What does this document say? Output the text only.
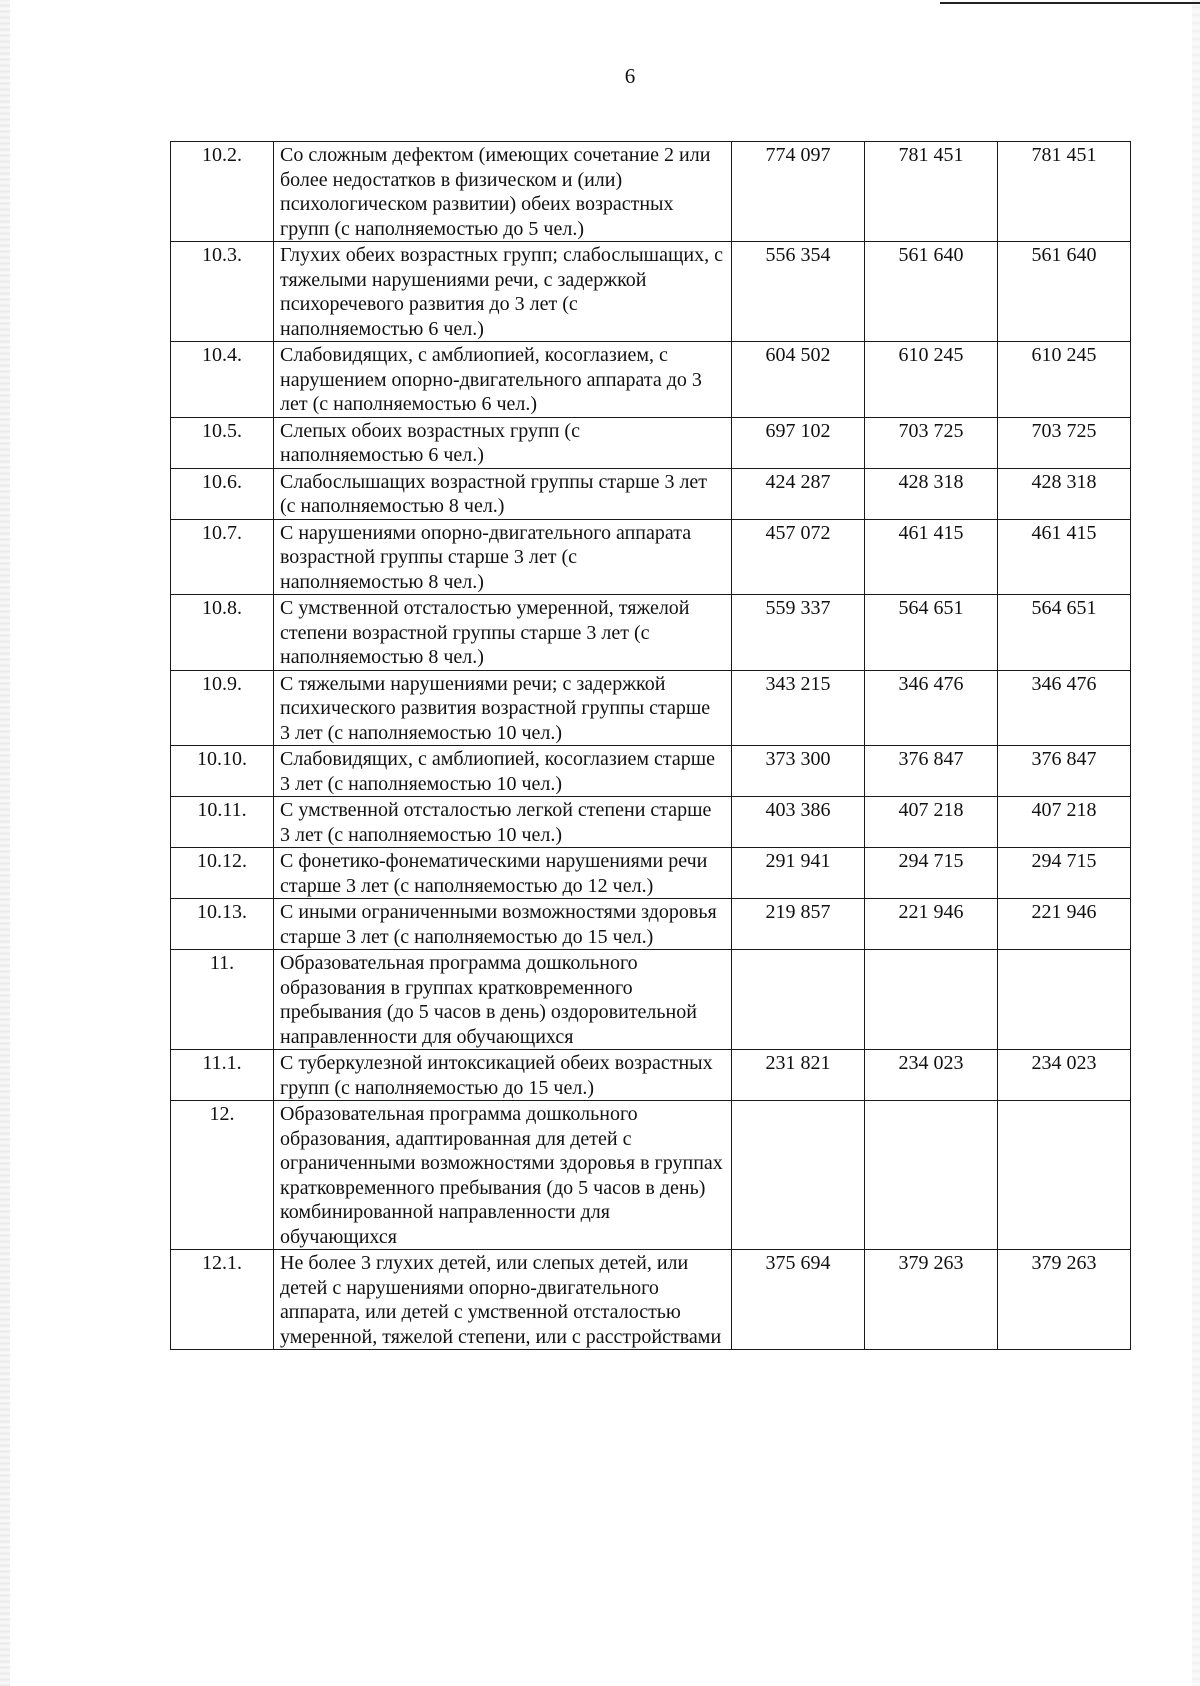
6
10.2.	Со сложным дефектом (имеющих сочетание 2 или более недостатков в физическом и (или) психологическом развитии) обеих возрастных групп (с наполняемостью до 5 чел.)	774 097	781 451	781 451
10.3.	Глухих обеих возрастных групп; слабослышащих, с тяжелыми нарушениями речи, с задержкой психоречевого развития до 3 лет (с наполняемостью 6 чел.)	556 354	561 640	561 640
10.4.	Слабовидящих, с амблиопией, косоглазием, с нарушением опорно-двигательного аппарата до 3 лет (с наполняемостью 6 чел.)	604 502	610 245	610 245
10.5.	Слепых обоих возрастных групп (с наполняемостью 6 чел.)	697 102	703 725	703 725
10.6.	Слабослышащих возрастной группы старше 3 лет (с наполняемостью 8 чел.)	424 287	428 318	428 318
10.7.	С нарушениями опорно-двигательного аппарата возрастной группы старше 3 лет (с наполняемостью 8 чел.)	457 072	461 415	461 415
10.8.	С умственной отсталостью умеренной, тяжелой степени возрастной группы старше 3 лет (с наполняемостью 8 чел.)	559 337	564 651	564 651
10.9.	С тяжелыми нарушениями речи; с задержкой психического развития возрастной группы старше 3 лет (с наполняемостью 10 чел.)	343 215	346 476	346 476
10.10.	Слабовидящих, с амблиопией, косоглазием старше 3 лет (с наполняемостью 10 чел.)	373 300	376 847	376 847
10.11.	С умственной отсталостью легкой степени старше 3 лет (с наполняемостью 10 чел.)	403 386	407 218	407 218
10.12.	С фонетико-фонематическими нарушениями речи старше 3 лет (с наполняемостью до 12 чел.)	291 941	294 715	294 715
10.13.	С иными ограниченными возможностями здоровья старше 3 лет (с наполняемостью до 15 чел.)	219 857	221 946	221 946
11.	Образовательная программа дошкольного образования в группах кратковременного пребывания (до 5 часов в день) оздоровительной направленности для обучающихся			
11.1.	С туберкулезной интоксикацией обеих возрастных групп (с наполняемостью до 15 чел.)	231 821	234 023	234 023
12.	Образовательная программа дошкольного образования, адаптированная для детей с ограниченными возможностями здоровья в группах кратковременного пребывания (до 5 часов в день) комбинированной направленности для обучающихся			
12.1.	Не более 3 глухих детей, или слепых детей, или детей с нарушениями опорно-двигательного аппарата, или детей с умственной отсталостью умеренной, тяжелой степени, или с расстройствами	375 694	379 263	379 263
